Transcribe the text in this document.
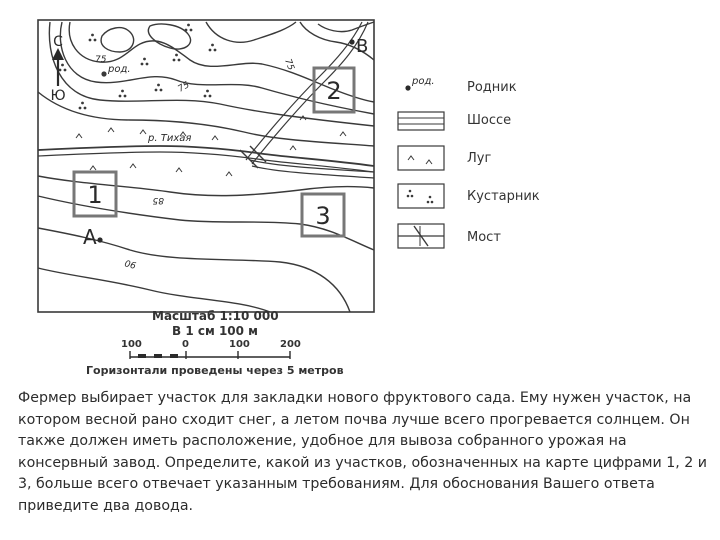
С
Ю
А
В
1
2
3
род.
р. Тихая
75
75
75
85
06
род. Родник
Шоссе
Луг
Кустарник
Мост
Масштаб 1:10 000
В 1 см 100 м
100	0	100	200
Горизонтали проведены через 5 метров
Фермер выбирает участок для закладки нового фруктового сада. Ему нужен участок, на котором весной рано сходит снег, а летом почва лучше всего прогревается солнцем. Он также должен иметь расположение, удобное для вывоза собранного урожая на консервный завод. Определите, какой из участков, обозначенных на карте цифрами 1, 2 и 3, больше всего отвечает указанным требованиям. Для обоснования Вашего ответа приведите два довода.
